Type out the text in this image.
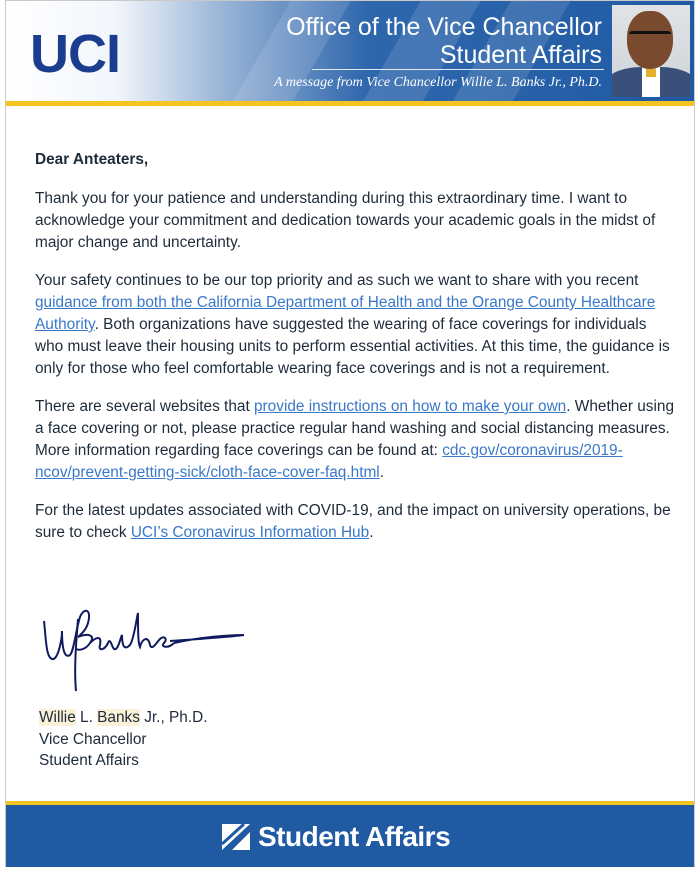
UCI	Office of the Vice Chancellor
Student Affairs
A message from Vice Chancellor Willie L. Banks Jr., Ph.D.
Dear Anteaters,

Thank you for your patience and understanding during this extraordinary time. I want to acknowledge your commitment and dedication towards your academic goals in the midst of major change and uncertainty.

Your safety continues to be our top priority and as such we want to share with you recent guidance from both the California Department of Health and the Orange County Healthcare Authority. Both organizations have suggested the wearing of face coverings for individuals who must leave their housing units to perform essential activities. At this time, the guidance is only for those who feel comfortable wearing face coverings and is not a requirement.

There are several websites that provide instructions on how to make your own. Whether using a face covering or not, please practice regular hand washing and social distancing measures. More information regarding face coverings can be found at: cdc.gov/coronavirus/2019-ncov/prevent-getting-sick/cloth-face-cover-faq.html.

For the latest updates associated with COVID-19, and the impact on university operations, be sure to check UCI’s Coronavirus Information Hub.

Willie L. Banks Jr., Ph.D.
Vice Chancellor
Student Affairs
Student Affairs
